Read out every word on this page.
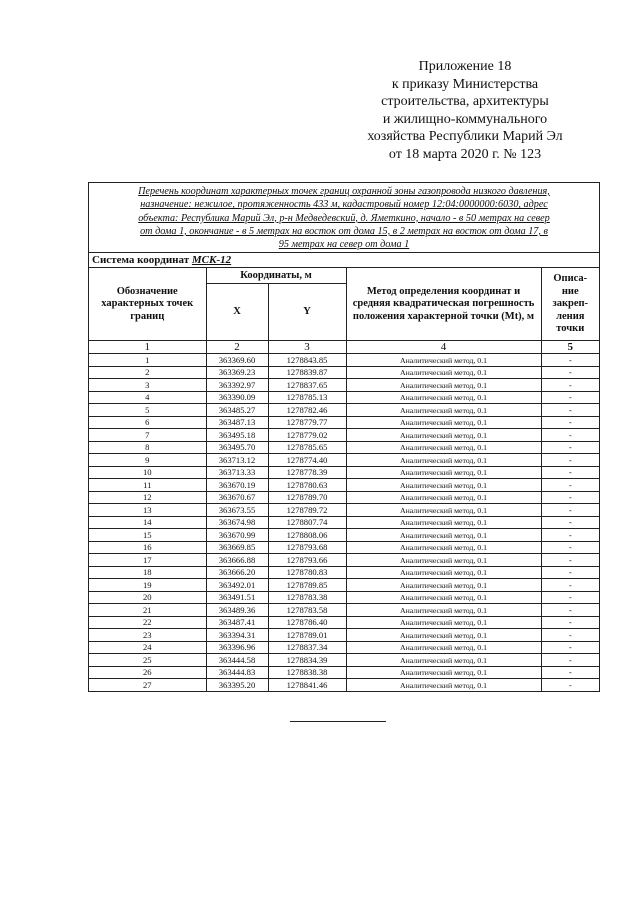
Приложение 18
к приказу Министерства
строительства, архитектуры
и жилищно-коммунального
хозяйства Республики Марий Эл
от 18 марта 2020 г. № 123
Перечень координат характерных точек границ охранной зоны газопровода низкого давления,
назначение: нежилое, протяженность 433 м, кадастровый номер 12:04:0000000:6030, адрес
объекта: Республика Марий Эл, р-н Медведевский, д. Яметкино, начало - в 50 метрах на север
от дома 1, окончание - в 5 метрах на восток от дома 15, в 2 метрах на восток от дома 17, в
95 метрах на север от дома 1
Система координат МСК-12
Обозначение характерных точек границ	Координаты, м		Метод определения координат и средняя квадратическая погрешность положения характерной точки (Mt), м	Описа-ние закреп-ления точки
	X	Y		
1	2	3	4	5
1	363369.60	1278843.85	Аналитический метод, 0.1	-
2	363369.23	1278839.87	Аналитический метод, 0.1	-
3	363392.97	1278837.65	Аналитический метод, 0.1	-
4	363390.09	1278785.13	Аналитический метод, 0.1	-
5	363485.27	1278782.46	Аналитический метод, 0.1	-
6	363487.13	1278779.77	Аналитический метод, 0.1	-
7	363495.18	1278779.02	Аналитический метод, 0.1	-
8	363495.70	1278785.65	Аналитический метод, 0.1	-
9	363713.12	1278774.40	Аналитический метод, 0.1	-
10	363713.33	1278778.39	Аналитический метод, 0.1	-
11	363670.19	1278780.63	Аналитический метод, 0.1	-
12	363670.67	1278789.70	Аналитический метод, 0.1	-
13	363673.55	1278789.72	Аналитический метод, 0.1	-
14	363674.98	1278807.74	Аналитический метод, 0.1	-
15	363670.99	1278808.06	Аналитический метод, 0.1	-
16	363669.85	1278793.68	Аналитический метод, 0.1	-
17	363666.88	1278793.66	Аналитический метод, 0.1	-
18	363666.20	1278780.83	Аналитический метод, 0.1	-
19	363492.01	1278789.85	Аналитический метод, 0.1	-
20	363491.51	1278783.38	Аналитический метод, 0.1	-
21	363489.36	1278783.58	Аналитический метод, 0.1	-
22	363487.41	1278786.40	Аналитический метод, 0.1	-
23	363394.31	1278789.01	Аналитический метод, 0.1	-
24	363396.96	1278837.34	Аналитический метод, 0.1	-
25	363444.58	1278834.39	Аналитический метод, 0.1	-
26	363444.83	1278838.38	Аналитический метод, 0.1	-
27	363395.20	1278841.46	Аналитический метод, 0.1	-
